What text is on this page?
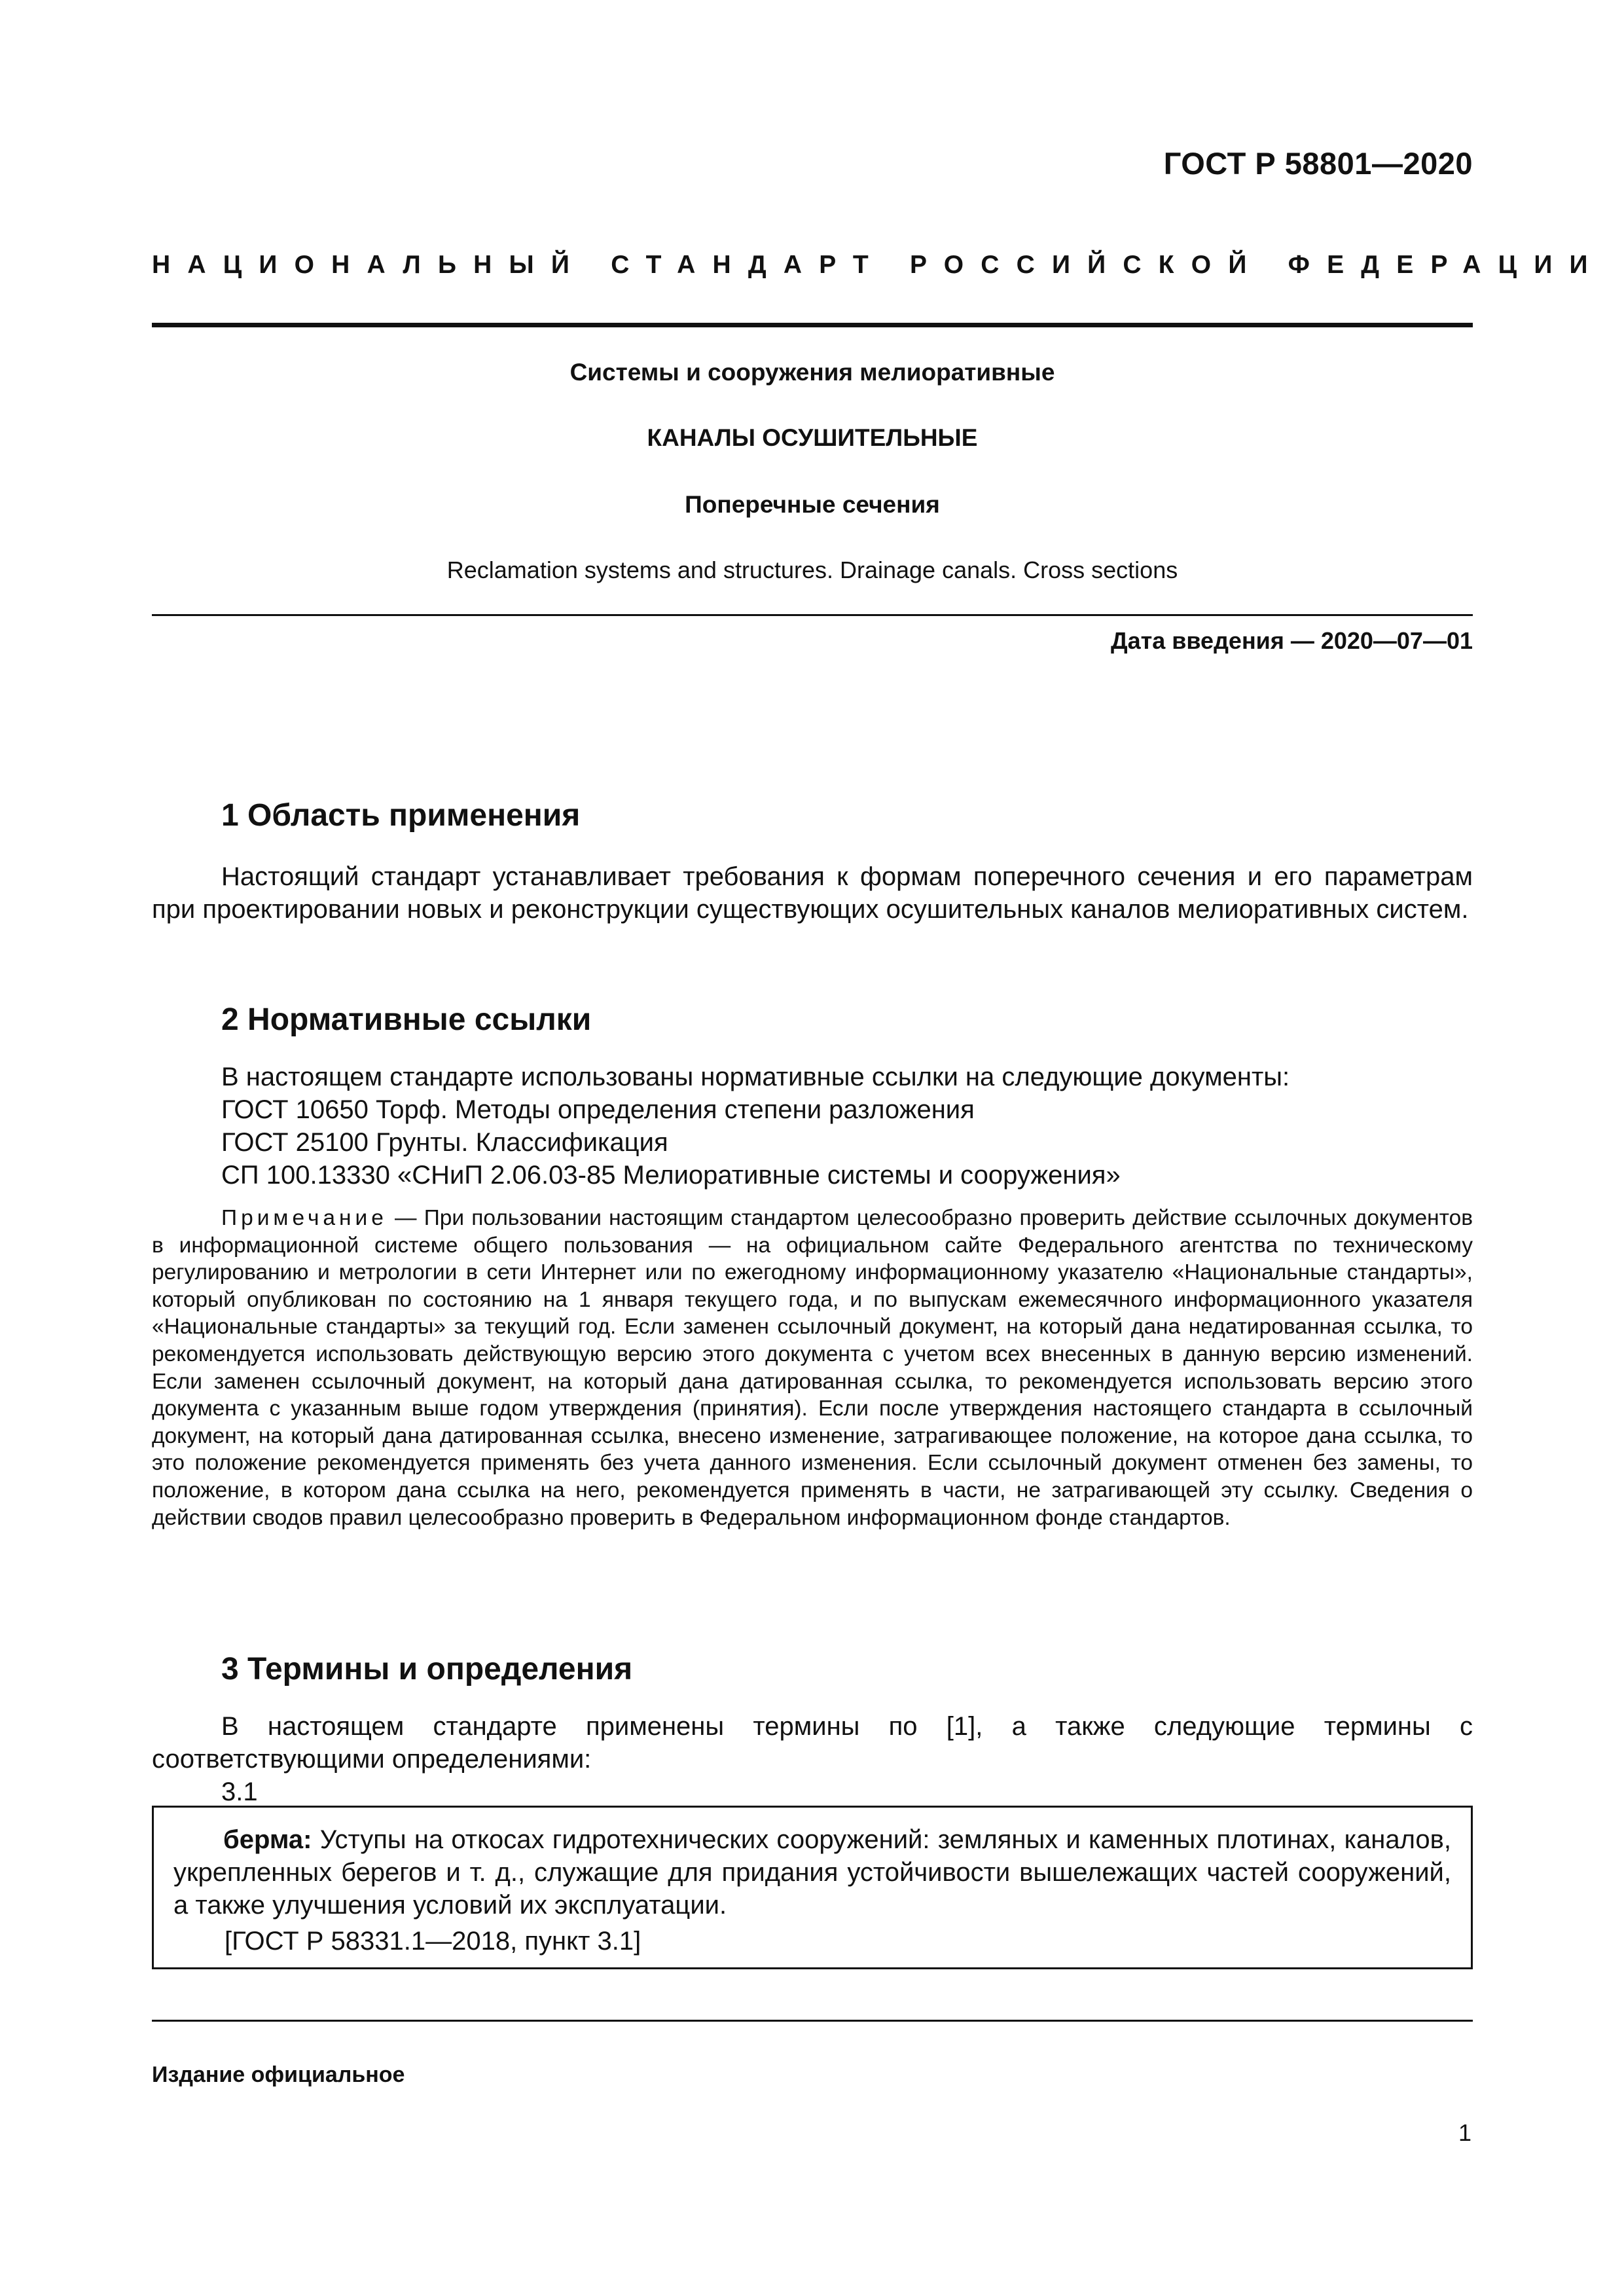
ГОСТ Р 58801—2020
НАЦИОНАЛЬНЫЙ СТАНДАРТ РОССИЙСКОЙ ФЕДЕРАЦИИ
Системы и сооружения мелиоративные
КАНАЛЫ ОСУШИТЕЛЬНЫЕ
Поперечные сечения
Reclamation systems and structures. Drainage canals. Cross sections
Дата введения — 2020—07—01
1 Область применения
Настоящий стандарт устанавливает требования к формам поперечного сечения и его параметрам при проектировании новых и реконструкции существующих осушительных каналов мелиоративных систем.
2 Нормативные ссылки
В настоящем стандарте использованы нормативные ссылки на следующие документы:
ГОСТ 10650 Торф. Методы определения степени разложения
ГОСТ 25100 Грунты. Классификация
СП 100.13330 «СНиП 2.06.03-85 Мелиоративные системы и сооружения»
Примечание — При пользовании настоящим стандартом целесообразно проверить действие ссылочных документов в информационной системе общего пользования — на официальном сайте Федерального агентства по техническому регулированию и метрологии в сети Интернет или по ежегодному информационному указателю «Национальные стандарты», который опубликован по состоянию на 1 января текущего года, и по выпускам ежемесячного информационного указателя «Национальные стандарты» за текущий год. Если заменен ссылочный документ, на который дана недатированная ссылка, то рекомендуется использовать действующую версию этого документа с учетом всех внесенных в данную версию изменений. Если заменен ссылочный документ, на который дана датированная ссылка, то рекомендуется использовать версию этого документа с указанным выше годом утверждения (принятия). Если после утверждения настоящего стандарта в ссылочный документ, на который дана датированная ссылка, внесено изменение, затрагивающее положение, на которое дана ссылка, то это положение рекомендуется применять без учета данного изменения. Если ссылочный документ отменен без замены, то положение, в котором дана ссылка на него, рекомендуется применять в части, не затрагивающей эту ссылку. Сведения о действии сводов правил целесообразно проверить в Федеральном информационном фонде стандартов.
3 Термины и определения
В настоящем стандарте применены термины по [1], а также следующие термины с соответствующими определениями:
3.1
берма: Уступы на откосах гидротехнических сооружений: земляных и каменных плотинах, каналов, укрепленных берегов и т. д., служащие для придания устойчивости вышележащих частей сооружений, а также улучшения условий их эксплуатации.
[ГОСТ Р 58331.1—2018, пункт 3.1]
Издание официальное
1
